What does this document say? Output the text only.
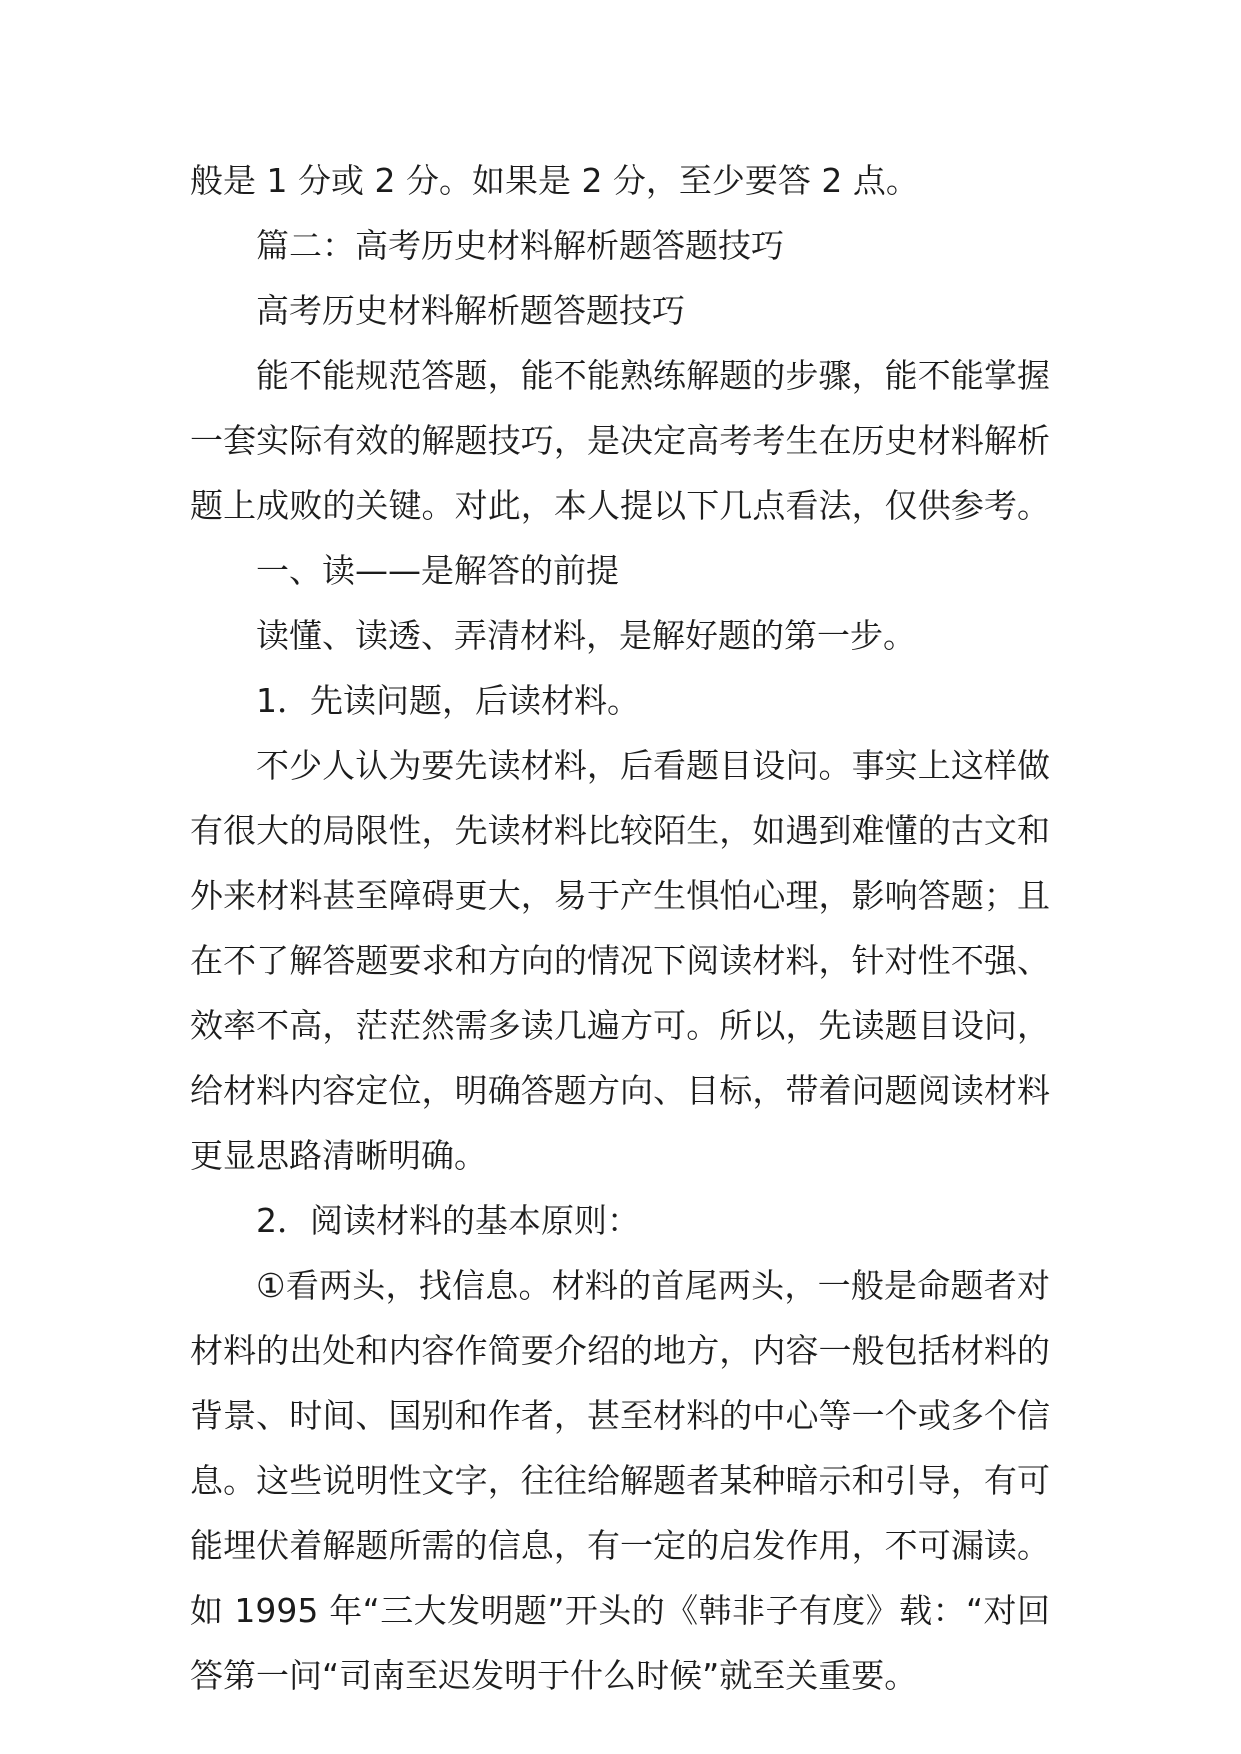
般是 1 分或 2 分。如果是 2 分，至少要答 2 点。

篇二：高考历史材料解析题答题技巧

高考历史材料解析题答题技巧

能不能规范答题，能不能熟练解题的步骤，能不能掌握

一套实际有效的解题技巧，是决定高考考生在历史材料解析

题上成败的关键。对此，本人提以下几点看法，仅供参考。

一、读——是解答的前提

读懂、读透、弄清材料，是解好题的第一步。

1．先读问题，后读材料。

不少人认为要先读材料，后看题目设问。事实上这样做

有很大的局限性，先读材料比较陌生，如遇到难懂的古文和

外来材料甚至障碍更大，易于产生惧怕心理，影响答题；且

在不了解答题要求和方向的情况下阅读材料，针对性不强、

效率不高，茫茫然需多读几遍方可。所以，先读题目设问，

给材料内容定位，明确答题方向、目标，带着问题阅读材料

更显思路清晰明确。

2．阅读材料的基本原则：

①看两头，找信息。材料的首尾两头，一般是命题者对

材料的出处和内容作简要介绍的地方，内容一般包括材料的

背景、时间、国别和作者，甚至材料的中心等一个或多个信

息。这些说明性文字，往往给解题者某种暗示和引导，有可

能埋伏着解题所需的信息，有一定的启发作用，不可漏读。

如 1995 年“三大发明题”开头的《韩非子有度》载：“对回

答第一问“司南至迟发明于什么时候”就至关重要。
